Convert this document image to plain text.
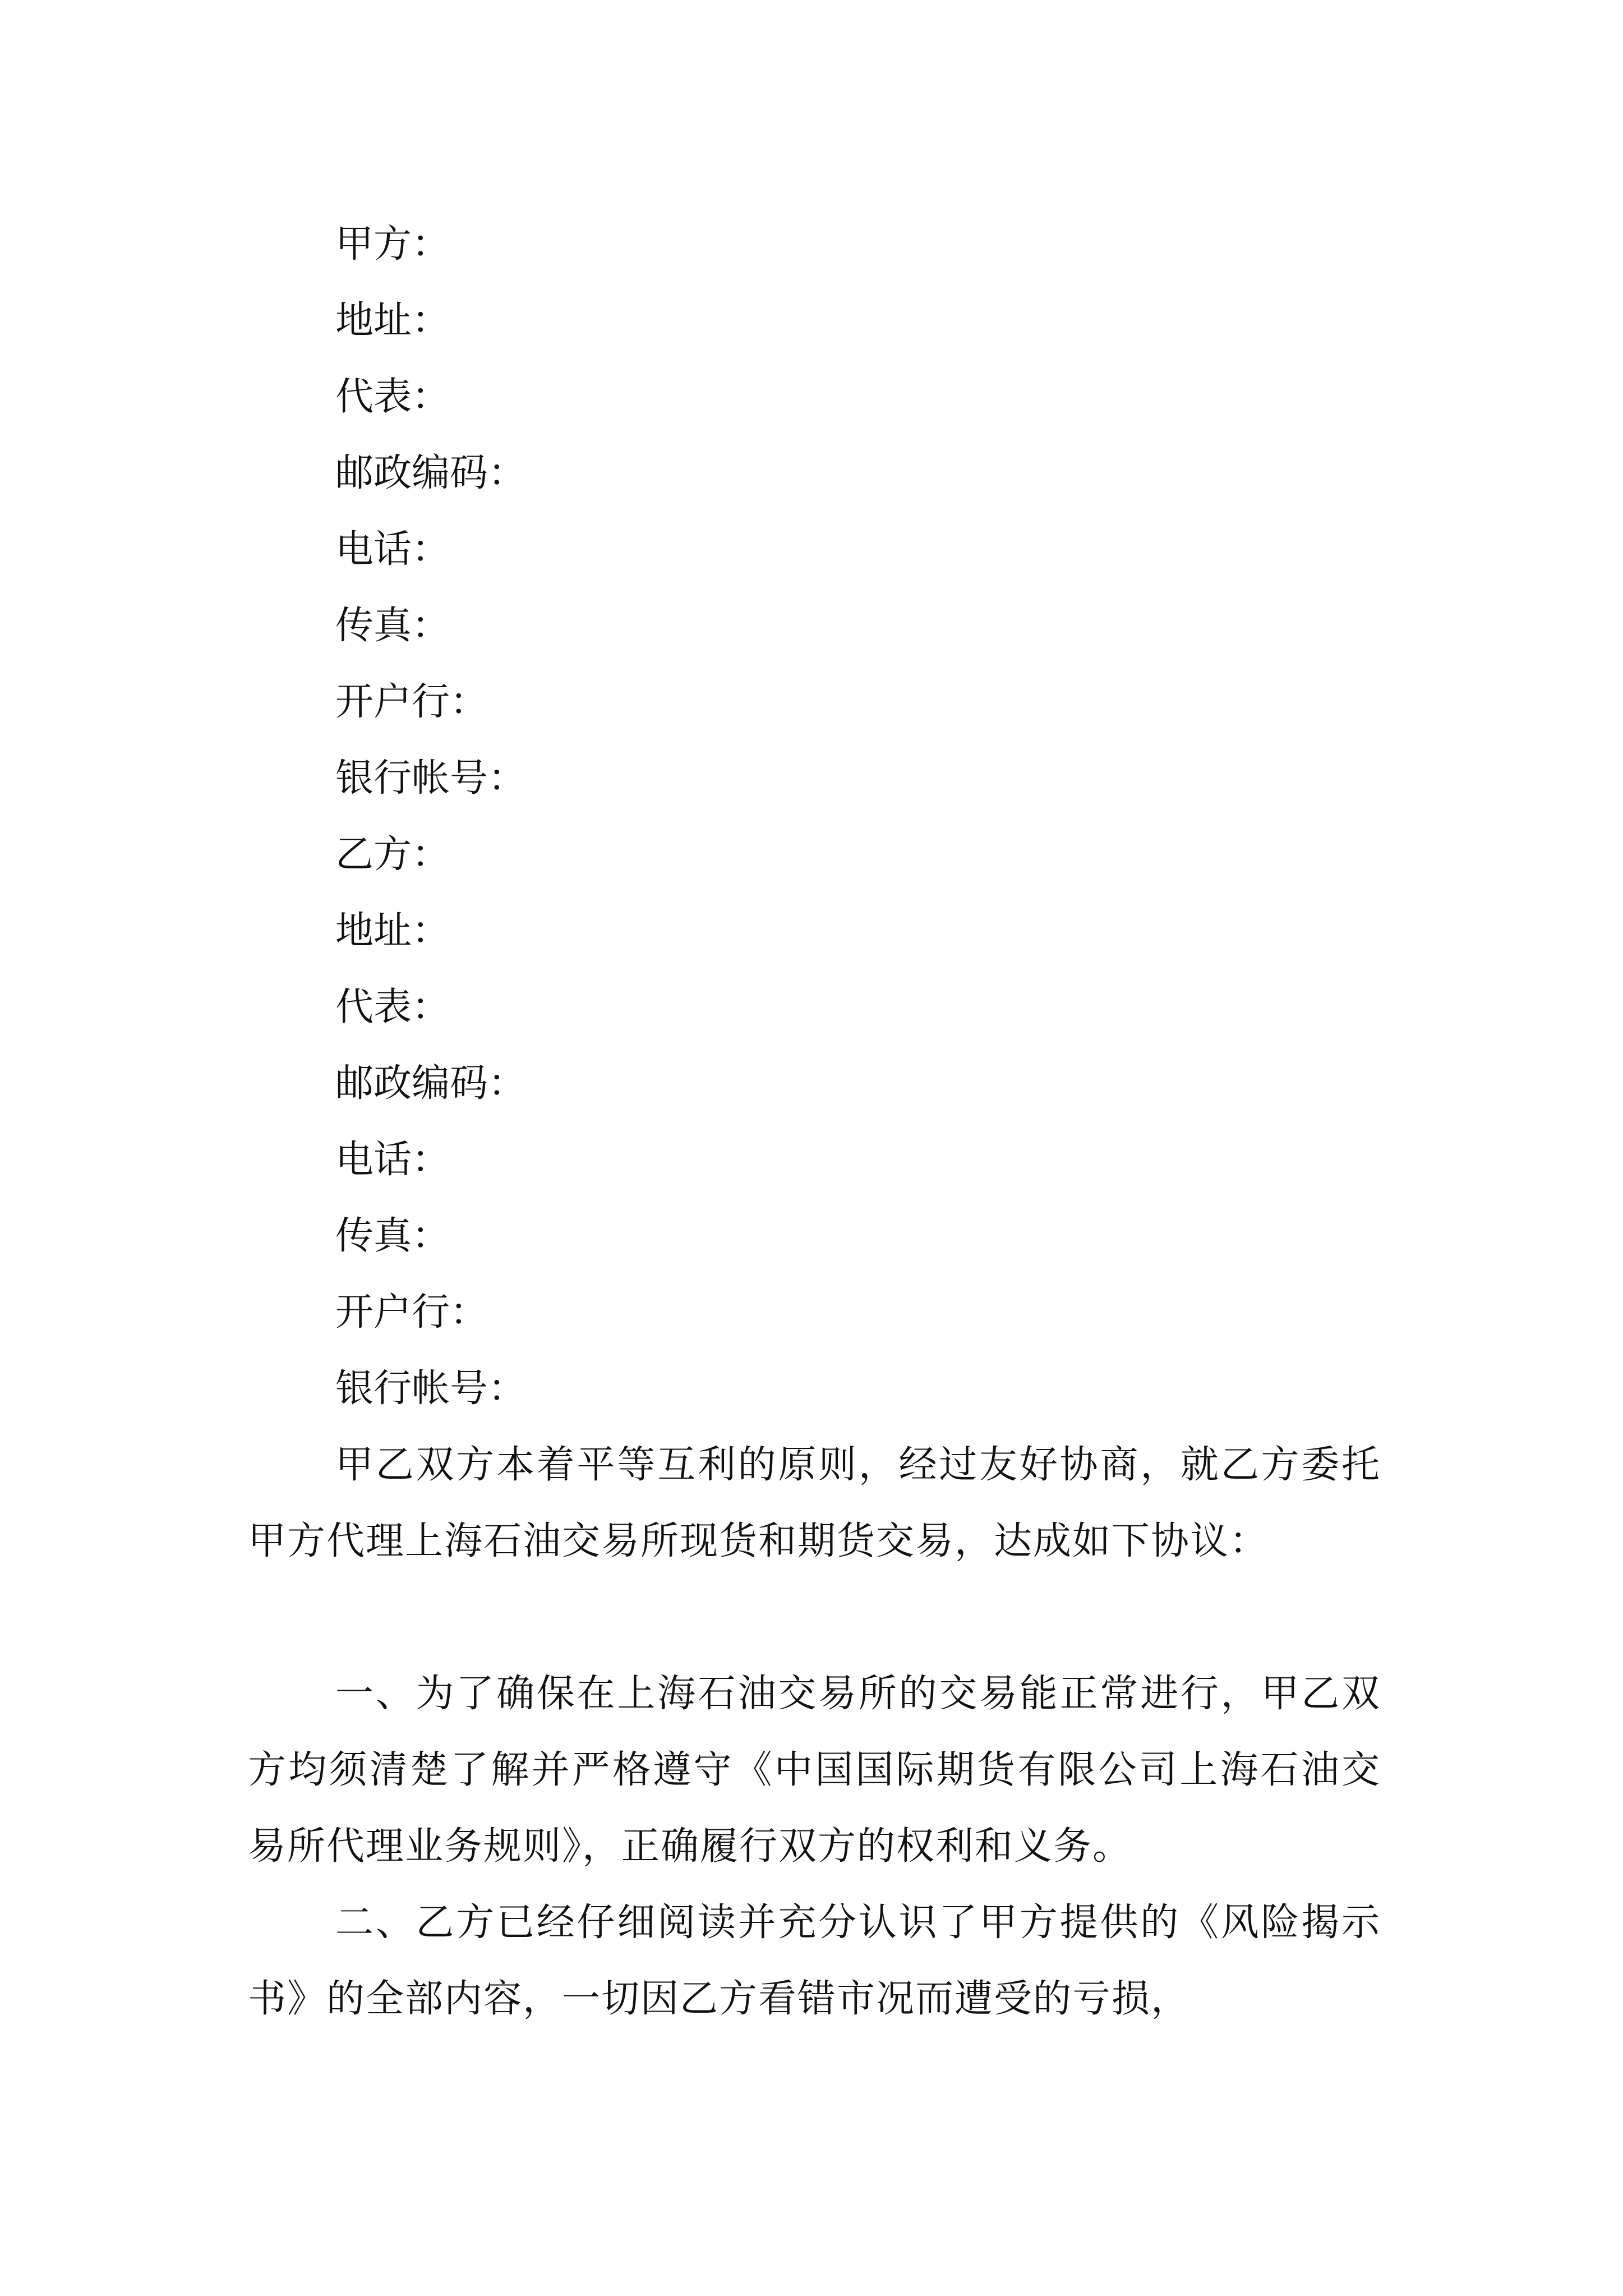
甲方：
地址：
代表：
邮政编码：
电话：
传真：
开户行：
银行帐号：
乙方：
地址：
代表：
邮政编码：
电话：
传真：
开户行：
银行帐号：
甲乙双方本着平等互利的原则，经过友好协商，就乙方委托甲方代理上海石油交易所现货和期货交易，达成如下协议：
一、为了确保在上海石油交易所的交易能正常进行，甲乙双方均须清楚了解并严格遵守《中国国际期货有限公司上海石油交易所代理业务规则》，正确履行双方的权利和义务。
二、乙方已经仔细阅读并充分认识了甲方提供的《风险揭示书》的全部内容，一切因乙方看错市况而遭受的亏损，
